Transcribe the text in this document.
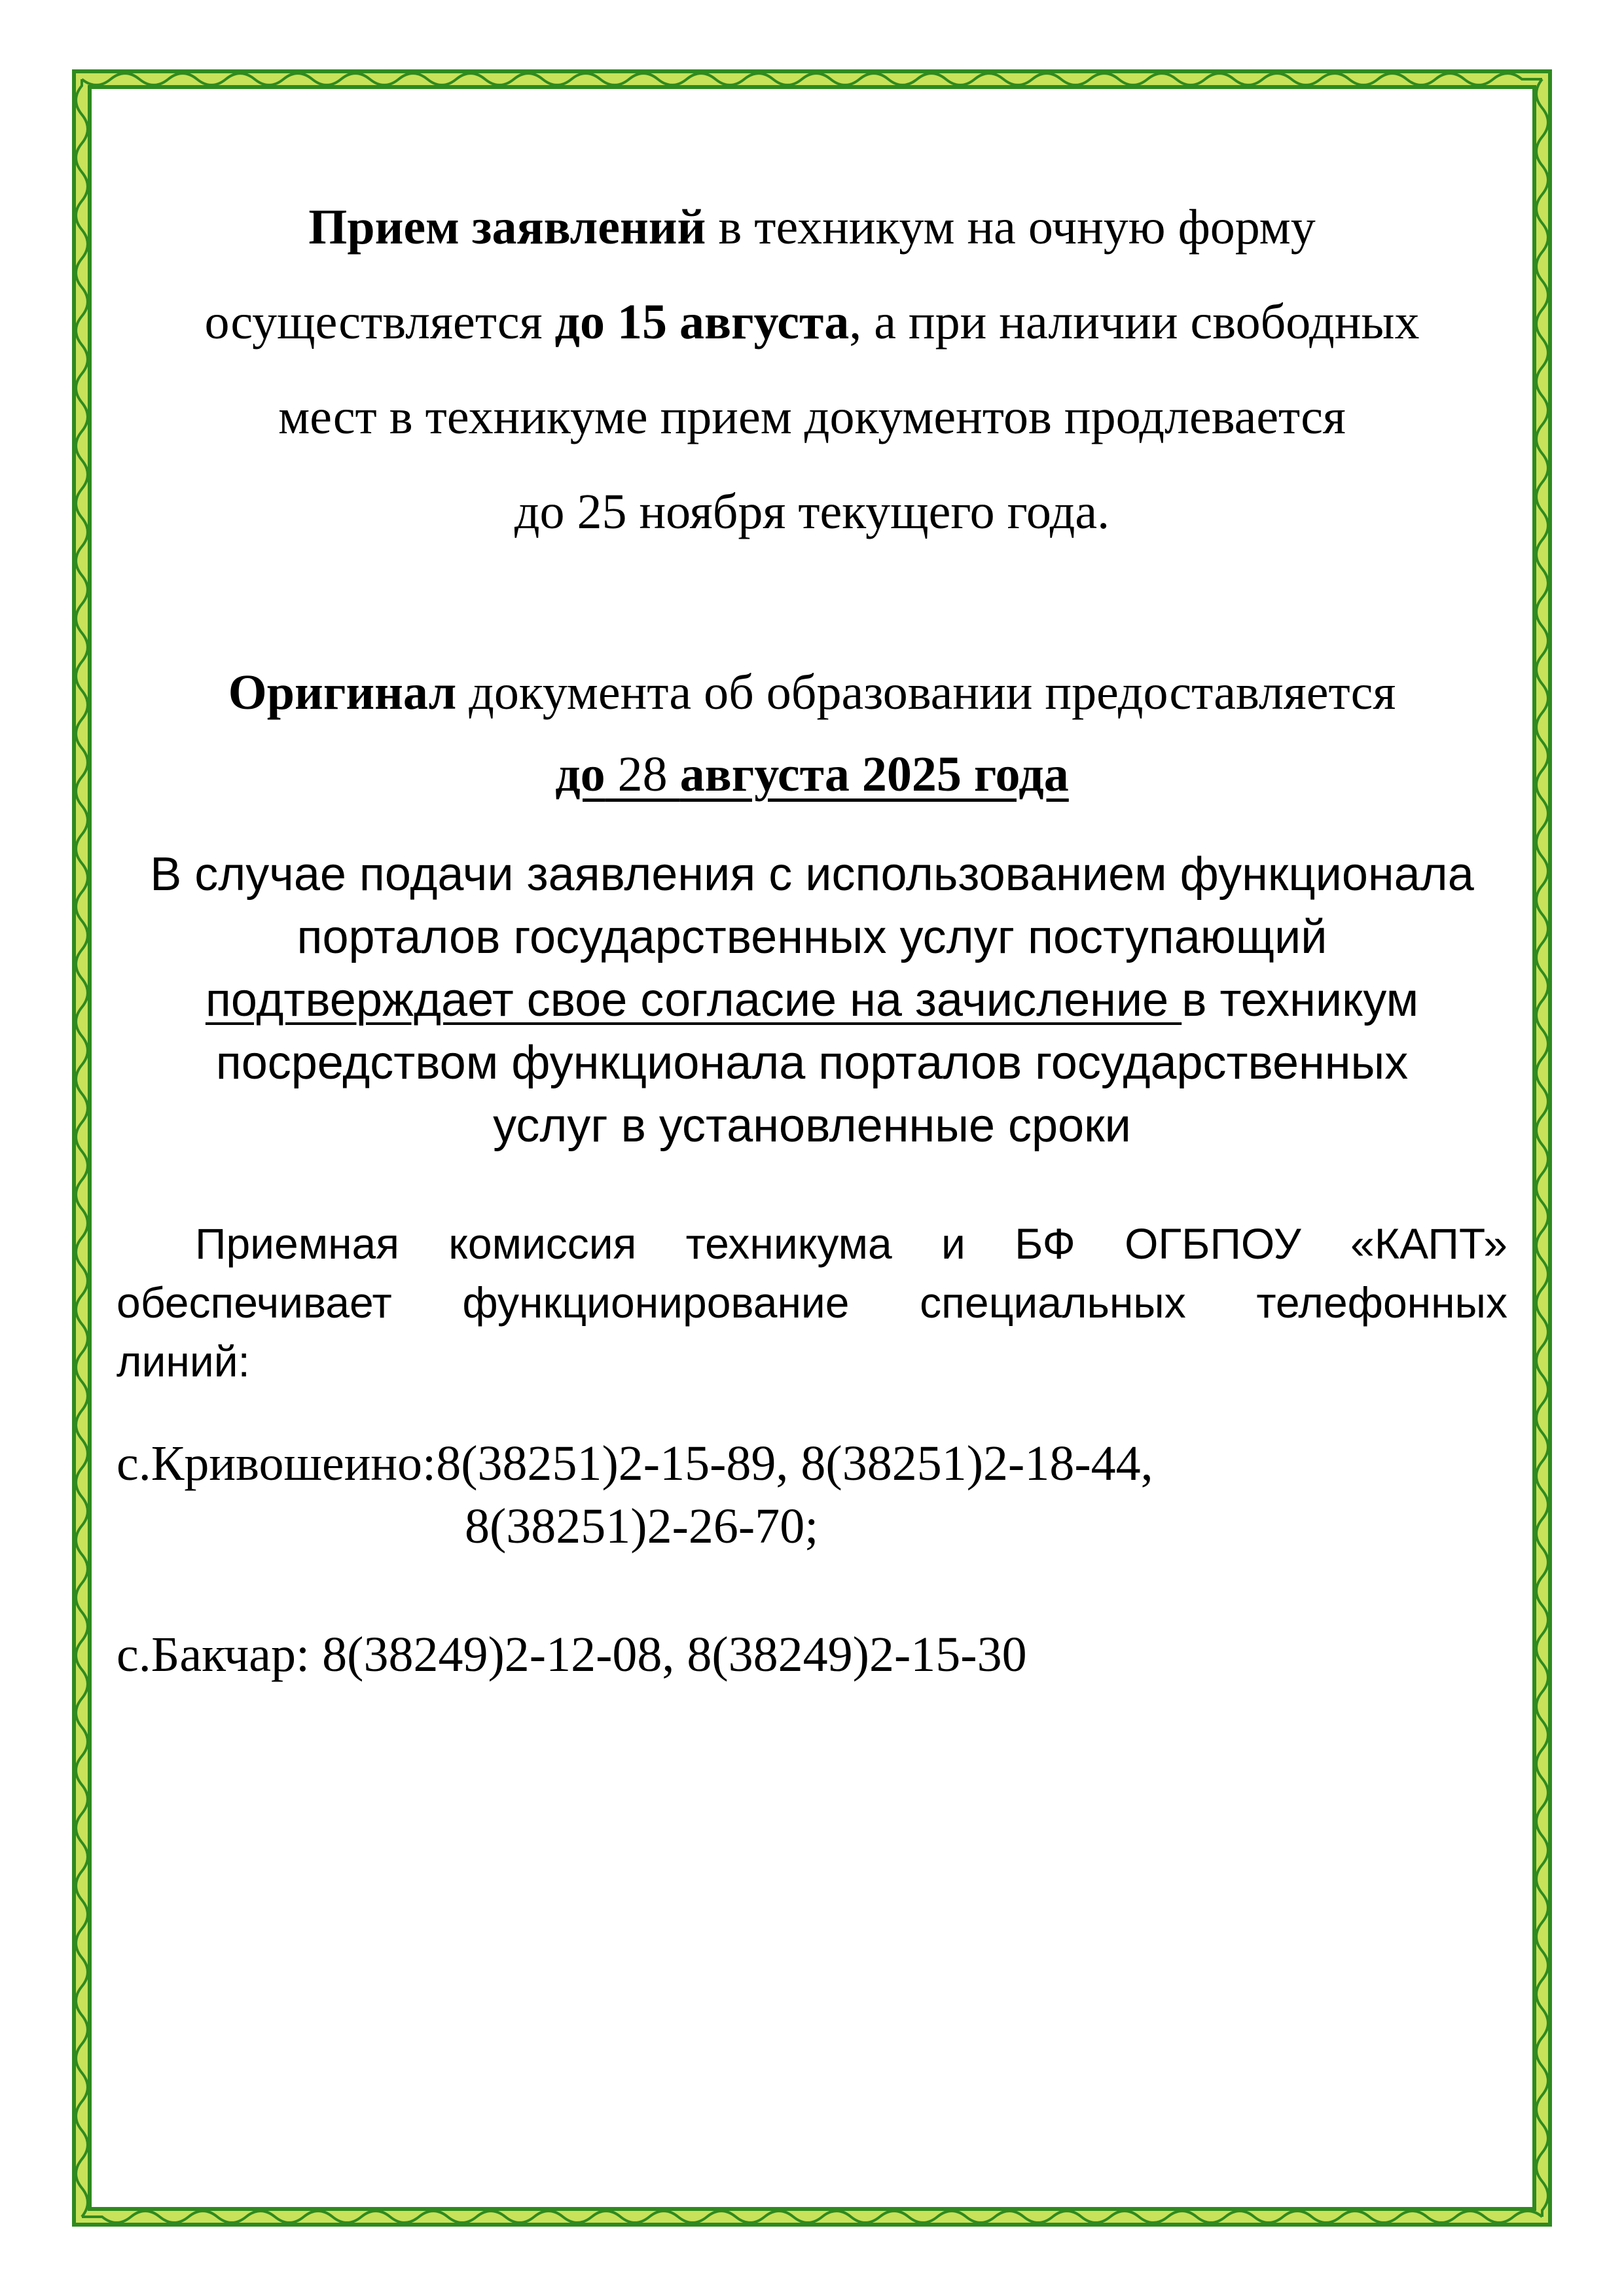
Прием заявлений в техникум на очную форму
осуществляется до 15 августа, а при наличии свободных
мест в техникуме прием документов продлевается
до 25 ноября текущего года.
Оригинал документа об образовании предоставляется
до 28 августа 2025 года
В случае подачи заявления с использованием функционала
порталов государственных услуг поступающий
подтверждает свое согласие на зачисление в техникум
посредством функционала порталов государственных
услуг в установленные сроки
Приемная комиссия техникума и БФ ОГБПОУ «КАПТ»
обеспечивает функционирование специальных телефонных
линий:
с.Кривошеино:8(38251)2-15-89, 8(38251)2-18-44,
8(38251)2-26-70;
с.Бакчар: 8(38249)2-12-08, 8(38249)2-15-30
